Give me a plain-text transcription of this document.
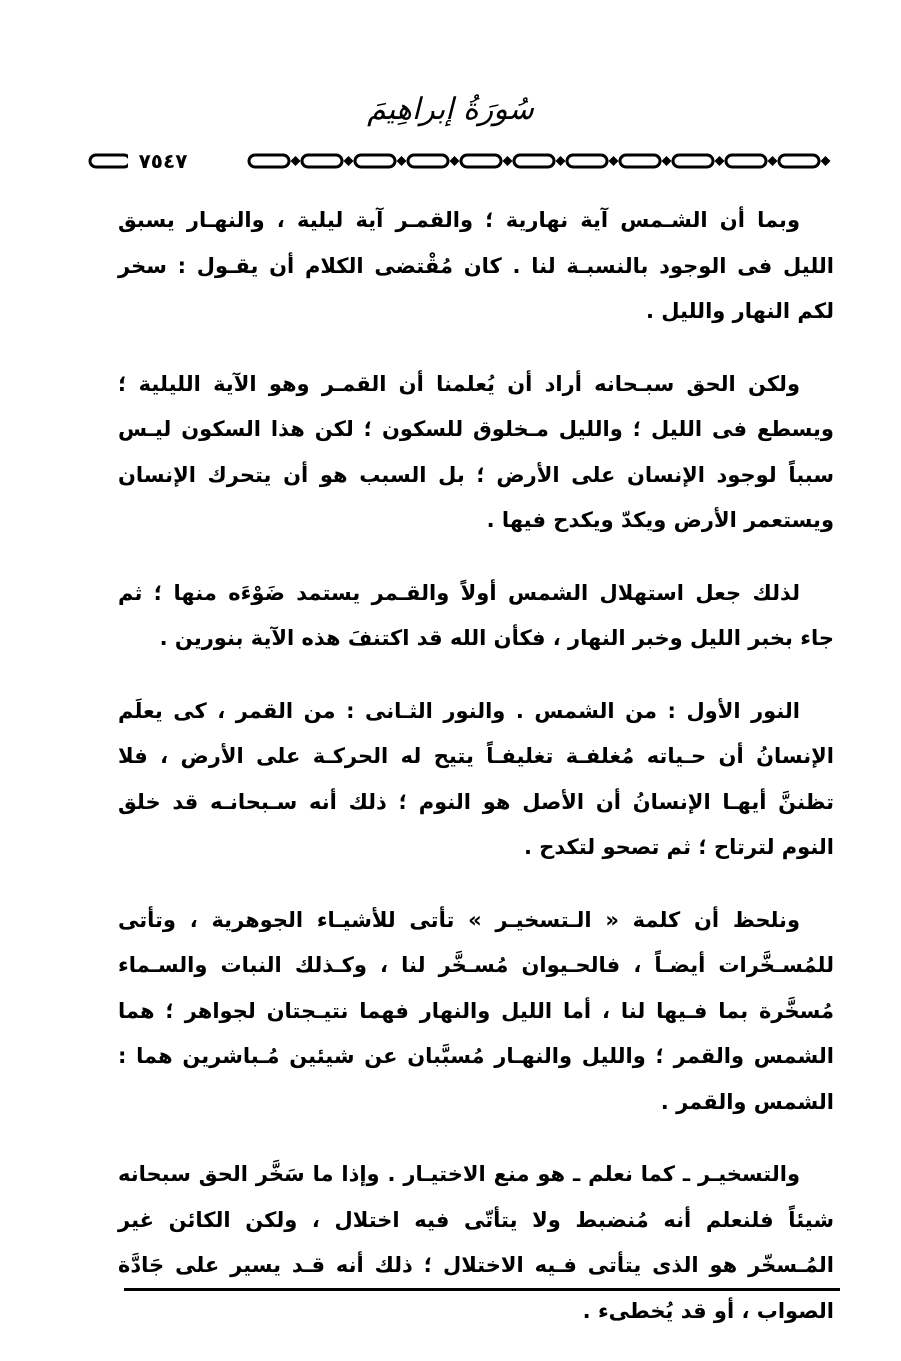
سُورَةُ إبراهِيمَ
٧٥٤٧

وبما أن الشـمس آية نهارية ؛ والقمـر آية ليلية ، والنهـار يسبق الليل فى الوجود بالنسبـة لنا . كان مُقْتضى الكلام أن يقـول : سخر لكم النهار والليل .

ولكن الحق سبـحانه أراد أن يُعلمنا أن القمـر وهو الآية الليلية ؛ ويسطع فى الليل ؛ والليل مـخلوق للسكون ؛ لكن هذا السكون ليـس سبباً لوجود الإنسان على الأرض ؛ بل السبب هو أن يتحرك الإنسان ويستعمر الأرض ويكدّ ويكدح فيها .

لذلك جعل استهلال الشمس أولاً والقـمر يستمد ضَوْءَه منها ؛ ثم جاء بخبر الليل وخبر النهار ، فكأن الله قد اكتنفَ هذه الآية بنورين .

النور الأول : من الشمس . والنور الثـانى : من القمر ، كى يعلَم الإنسانُ أن حـياته مُغلفـة تغليفـاً يتيح له الحركـة على الأرض ، فلا تظننَّ أيهـا الإنسانُ أن الأصل هو النوم ؛ ذلك أنه سـبحانـه قد خلق النوم لترتاح ؛ ثم تصحو لتكدح .

ونلحظ أن كلمة « الـتسخيـر » تأتى للأشيـاء الجوهرية ، وتأتى للمُسـخَّرات أيضـاً ، فالحـيوان مُسـخَّر لنا ، وكـذلك النبات والسـماء مُسخَّرة بما فـيها لنا ، أما الليل والنهار فهما نتيـجتان لجواهر ؛ هما الشمس والقمر ؛ والليل والنهـار مُسبَّبان عن شيئين مُـباشرين هما : الشمس والقمر .

والتسخيـر ـ كما نعلم ـ هو منع الاختيـار . وإذا ما سَخَّر الحق سبحانه شيئاً فلنعلم أنه مُنضبط ولا يتأتّى فيه اختلال ، ولكن الكائن غير المُـسخّر هو الذى يتأتى فـيه الاختلال ؛ ذلك أنه قـد يسير على جَادَّة الصواب ، أو قد يُخطىء .
